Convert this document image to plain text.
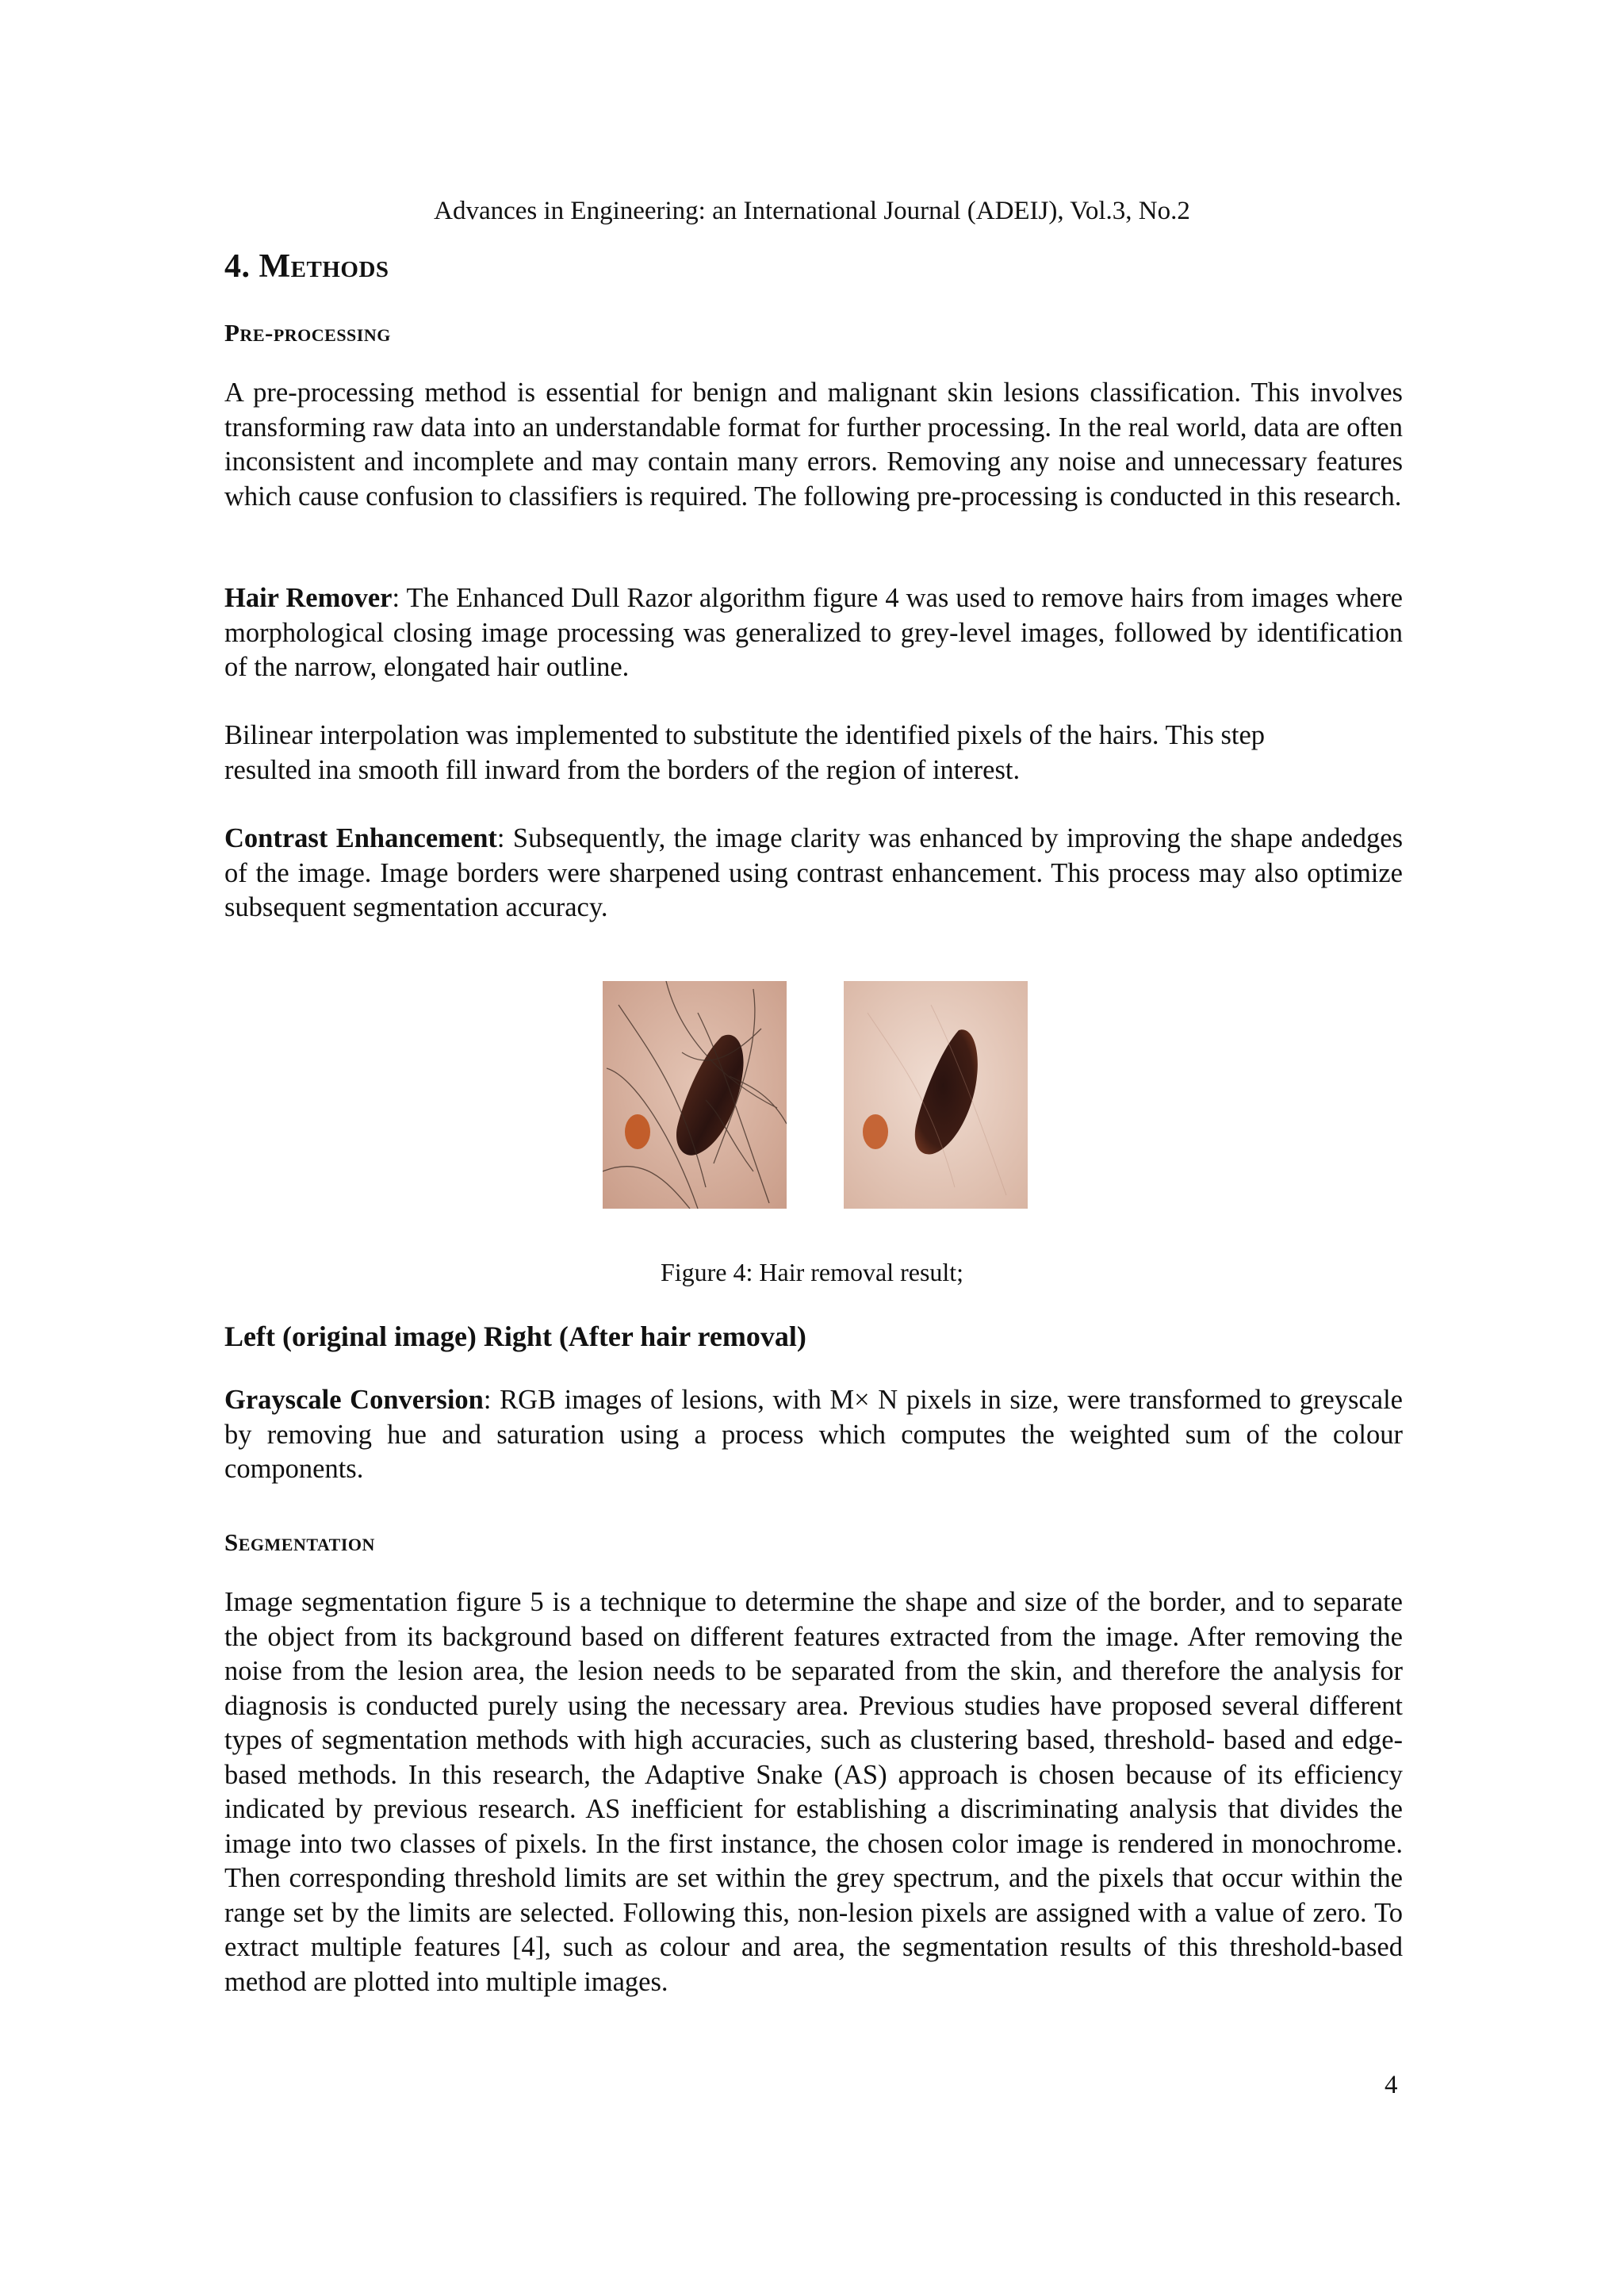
Advances in Engineering: an International Journal (ADEIJ), Vol.3, No.2
4. Methods
Pre-processing

A pre-processing method is essential for benign and malignant skin lesions classification. This involves transforming raw data into an understandable format for further processing. In the real world, data are often inconsistent and incomplete and may contain many errors. Removing any noise and unnecessary features which cause confusion to classifiers is required. The following pre-processing is conducted in this research.

Hair Remover: The Enhanced Dull Razor algorithm figure 4 was used to remove hairs from images where morphological closing image processing was generalized to grey-level images, followed by identification of the narrow, elongated hair outline.

Bilinear interpolation was implemented to substitute the identified pixels of the hairs. This step
resulted ina smooth fill inward from the borders of the region of interest.

Contrast Enhancement: Subsequently, the image clarity was enhanced by improving the shape andedges of the image. Image borders were sharpened using contrast enhancement. This process may also optimize subsequent segmentation accuracy.

Left (original image) Right (After hair removal)

Grayscale Conversion: RGB images of lesions, with M× N pixels in size, were transformed to greyscale by removing hue and saturation using a process which computes the weighted sum of the colour components.

Segmentation

Image segmentation figure 5 is a technique to determine the shape and size of the border, and to separate the object from its background based on different features extracted from the image. After removing the noise from the lesion area, the lesion needs to be separated from the skin, and therefore the analysis for diagnosis is conducted purely using the necessary area. Previous studies have proposed several different types of segmentation methods with high accuracies, such as clustering based, threshold- based and edge-based methods. In this research, the Adaptive Snake (AS) approach is chosen because of its efficiency indicated by previous research. AS inefficient for establishing a discriminating analysis that divides the image into two classes of pixels. In the first instance, the chosen color image is rendered in monochrome. Then corresponding threshold limits are set within the grey spectrum, and the pixels that occur within the range set by the limits are selected. Following this, non-lesion pixels are assigned with a value of zero. To extract multiple features [4], such as colour and area, the segmentation results of this threshold-based method are plotted into multiple images.

Figure 4: Hair removal result;
4
